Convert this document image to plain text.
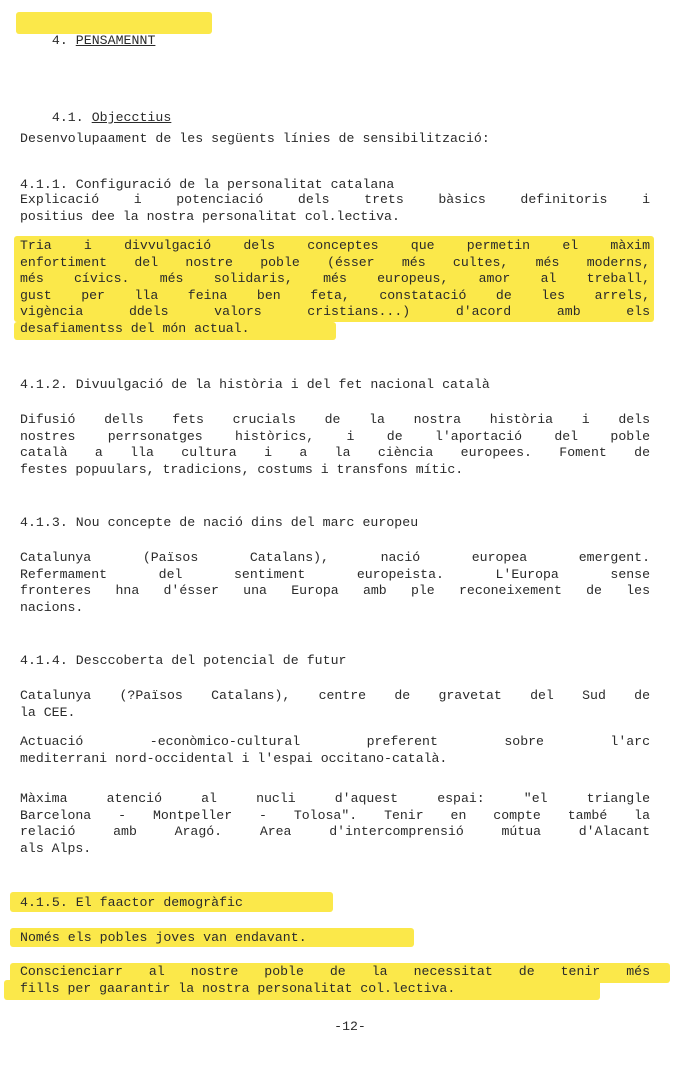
4. PENSAMENNT

4.1. Objecctius

Desenvolupaament de les següents línies de sensibilització:
4.1.1. Configuració de la personalitat catalana
Explicació i potenciació dels trets bàsics definitoris i
positius dee la nostra personalitat col.lectiva.
Tria i divvulgació dels conceptes que permetin el màxim
enfortiment del nostre poble (ésser més cultes, més moderns,
més cívics. més solidaris, més europeus, amor al treball,
gust per lla feina ben feta, constatació de les arrels,
vigència ddels valors cristians...) d'acord amb els
desafiamentss del món actual.
4.1.2. Divuulgació de la història i del fet nacional català
Difusió dells fets crucials de la nostra història i dels
nostres perrsonatges històrics, i de l'aportació del poble
català a lla cultura i a la ciència europees. Foment de
festes popuulars, tradicions, costums i transfons mític.
4.1.3. Nou concepte de nació dins del marc europeu
Catalunya (Països Catalans), nació europea emergent.
Refermament del sentiment europeista. L'Europa sense
fronteres hna d'ésser una Europa amb ple reconeixement de les
nacions.
4.1.4. Desccoberta del potencial de futur
Catalunya (?Països Catalans), centre de gravetat del Sud de
la CEE.
Actuació -econòmico-cultural preferent sobre l'arc
mediterrani nord-occidental i l'espai occitano-català.
Màxima atenció al nucli d'aquest espai: "el triangle
Barcelona - Montpeller - Tolosa". Tenir en compte també la
relació amb Aragó. Area d'intercomprensió mútua d'Alacant
als Alps.
4.1.5. El faactor demogràfic
Només els pobles joves van endavant.
Conscienciarr al nostre poble de la necessitat de tenir més
fills per gaarantir la nostra personalitat col.lectiva.
-12-
